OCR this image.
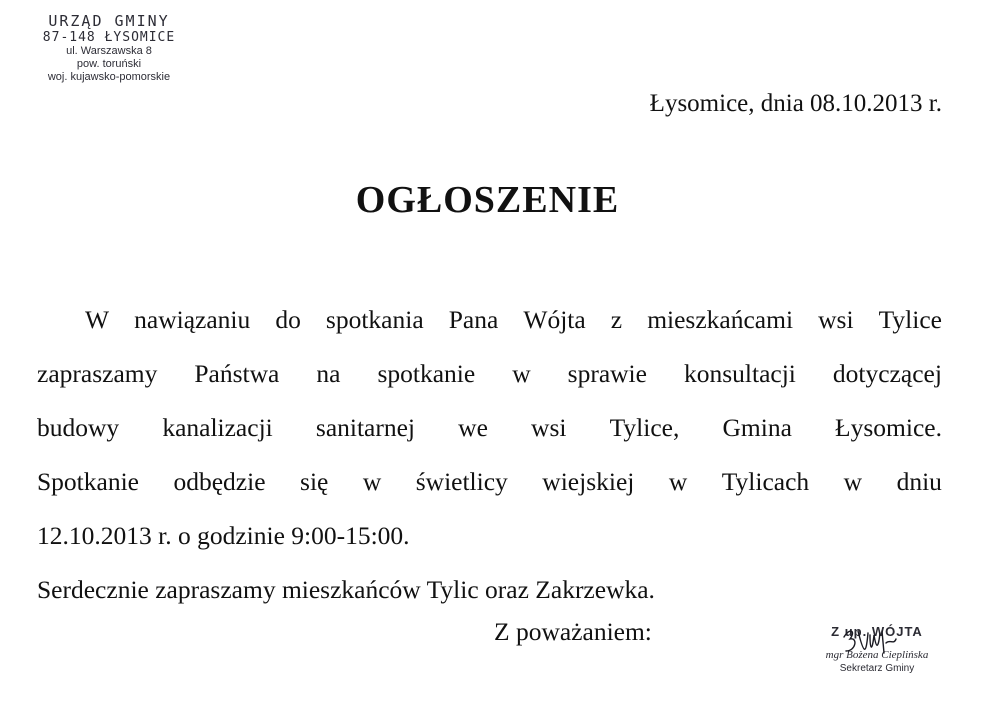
URZĄD GMINY
87-148 ŁYSOMICE
ul. Warszawska 8
pow. toruński
woj. kujawsko-pomorskie
Łysomice, dnia 08.10.2013 r.
OGŁOSZENIE
W nawiązaniu do spotkania Pana Wójta z mieszkańcami wsi Tylice
zapraszamy Państwa na spotkanie w sprawie konsultacji dotyczącej
budowy kanalizacji sanitarnej we wsi Tylice, Gmina Łysomice.
Spotkanie odbędzie się w świetlicy wiejskiej w Tylicach w dniu
12.10.2013 r. o godzinie 9:00-15:00.
Serdecznie zapraszamy mieszkańców Tylic oraz Zakrzewka.
Z poważaniem:	Z up. WÓJTA
mgr Bożena Cieplińska
Sekretarz Gminy
